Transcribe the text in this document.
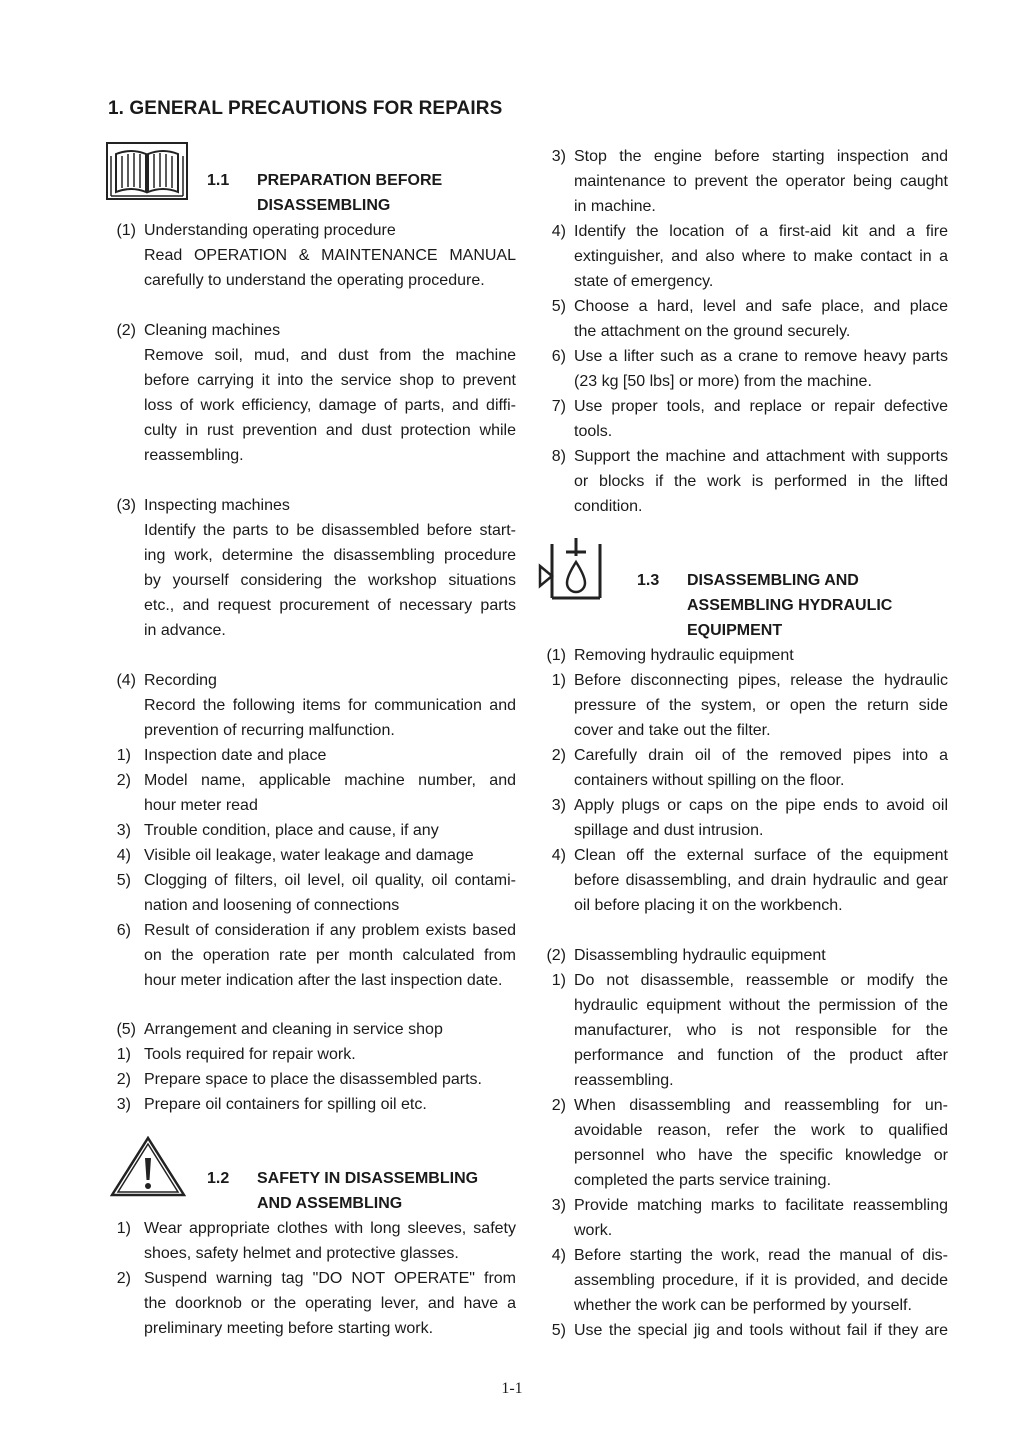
1. GENERAL PRECAUTIONS FOR REPAIRS
1.1 PREPARATION BEFORE
DISASSEMBLING
(1) Understanding operating procedure
Read OPERATION & MAINTENANCE MANUAL
carefully to understand the operating procedure.
(2) Cleaning machines
Remove soil, mud, and dust from the machine
before carrying it into the service shop to prevent
loss of work efficiency, damage of parts, and diffi-
culty in rust prevention and dust protection while
reassembling.
(3) Inspecting machines
Identify the parts to be disassembled before start-
ing work, determine the disassembling procedure
by yourself considering the workshop situations
etc., and request procurement of necessary parts
in advance.
(4) Recording
Record the following items for communication and
prevention of recurring malfunction.
1) Inspection date and place
2) Model name, applicable machine number, and
hour meter read
3) Trouble condition, place and cause, if any
4) Visible oil leakage, water leakage and damage
5) Clogging of filters, oil level, oil quality, oil contami-
nation and loosening of connections
6) Result of consideration if any problem exists based
on the operation rate per month calculated from
hour meter indication after the last inspection date.
(5) Arrangement and cleaning in service shop
1) Tools required for repair work.
2) Prepare space to place the disassembled parts.
3) Prepare oil containers for spilling oil etc.
1.2 SAFETY IN DISASSEMBLING
AND ASSEMBLING
1) Wear appropriate clothes with long sleeves, safety
shoes, safety helmet and protective glasses.
2) Suspend warning tag "DO NOT OPERATE" from
the doorknob or the operating lever, and have a
preliminary meeting before starting work.
3) Stop the engine before starting inspection and
maintenance to prevent the operator being caught
in machine.
4) Identify the location of a first-aid kit and a fire
extinguisher, and also where to make contact in a
state of emergency.
5) Choose a hard, level and safe place, and place
the attachment on the ground securely.
6) Use a lifter such as a crane to remove heavy parts
(23 kg [50 lbs] or more) from the machine.
7) Use proper tools, and replace or repair defective
tools.
8) Support the machine and attachment with supports
or blocks if the work is performed in the lifted
condition.
1.3 DISASSEMBLING AND
ASSEMBLING HYDRAULIC
EQUIPMENT
(1) Removing hydraulic equipment
1) Before disconnecting pipes, release the hydraulic
pressure of the system, or open the return side
cover and take out the filter.
2) Carefully drain oil of the removed pipes into a
containers without spilling on the floor.
3) Apply plugs or caps on the pipe ends to avoid oil
spillage and dust intrusion.
4) Clean off the external surface of the equipment
before disassembling, and drain hydraulic and gear
oil before placing it on the workbench.
(2) Disassembling hydraulic equipment
1) Do not disassemble, reassemble or modify the
hydraulic equipment without the permission of the
manufacturer, who is not responsible for the
performance and function of the product after
reassembling.
2) When disassembling and reassembling for un-
avoidable reason, refer the work to qualified
personnel who have the specific knowledge or
completed the parts service training.
3) Provide matching marks to facilitate reassembling
work.
4) Before starting the work, read the manual of dis-
assembling procedure, if it is provided, and decide
whether the work can be performed by yourself.
5) Use the special jig and tools without fail if they are
1-1
